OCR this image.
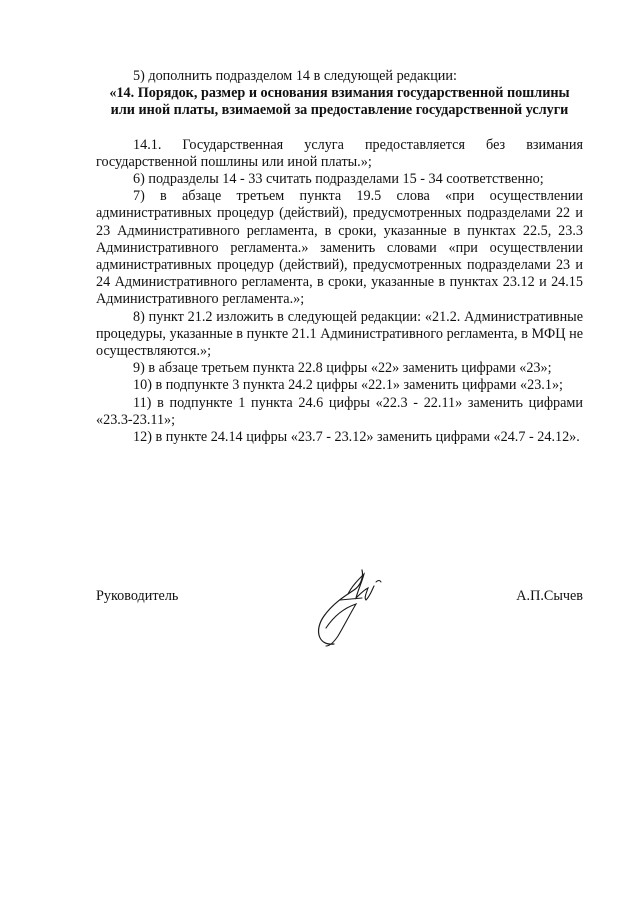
5) дополнить подразделом 14 в следующей редакции:

«14. Порядок, размер и основания взимания государственной пошлины или иной платы, взимаемой за предоставление государственной услуги

14.1. Государственная услуга предоставляется без взимания государственной пошлины или иной платы.»;

6) подразделы 14 - 33 считать подразделами 15 - 34 соответственно;

7) в абзаце третьем пункта 19.5 слова «при осуществлении административных процедур (действий), предусмотренных подразделами 22 и 23 Административного регламента, в сроки, указанные в пунктах 22.5, 23.3 Административного регламента.» заменить словами «при осуществлении административных процедур (действий), предусмотренных подразделами 23 и 24 Административного регламента, в сроки, указанные в пунктах 23.12 и 24.15 Административного регламента.»;

8) пункт 21.2 изложить в следующей редакции: «21.2. Административные процедуры, указанные в пункте 21.1 Административного регламента, в МФЦ не осуществляются.»;

9) в абзаце третьем пункта 22.8 цифры «22» заменить цифрами «23»;

10) в подпункте 3 пункта 24.2 цифры «22.1» заменить цифрами «23.1»;

11) в подпункте 1 пункта 24.6 цифры «22.3 - 22.11» заменить цифрами «23.3-23.11»;

12) в пункте 24.14 цифры «23.7 - 23.12» заменить цифрами «24.7 - 24.12».

Руководитель	А.П.Сычев
